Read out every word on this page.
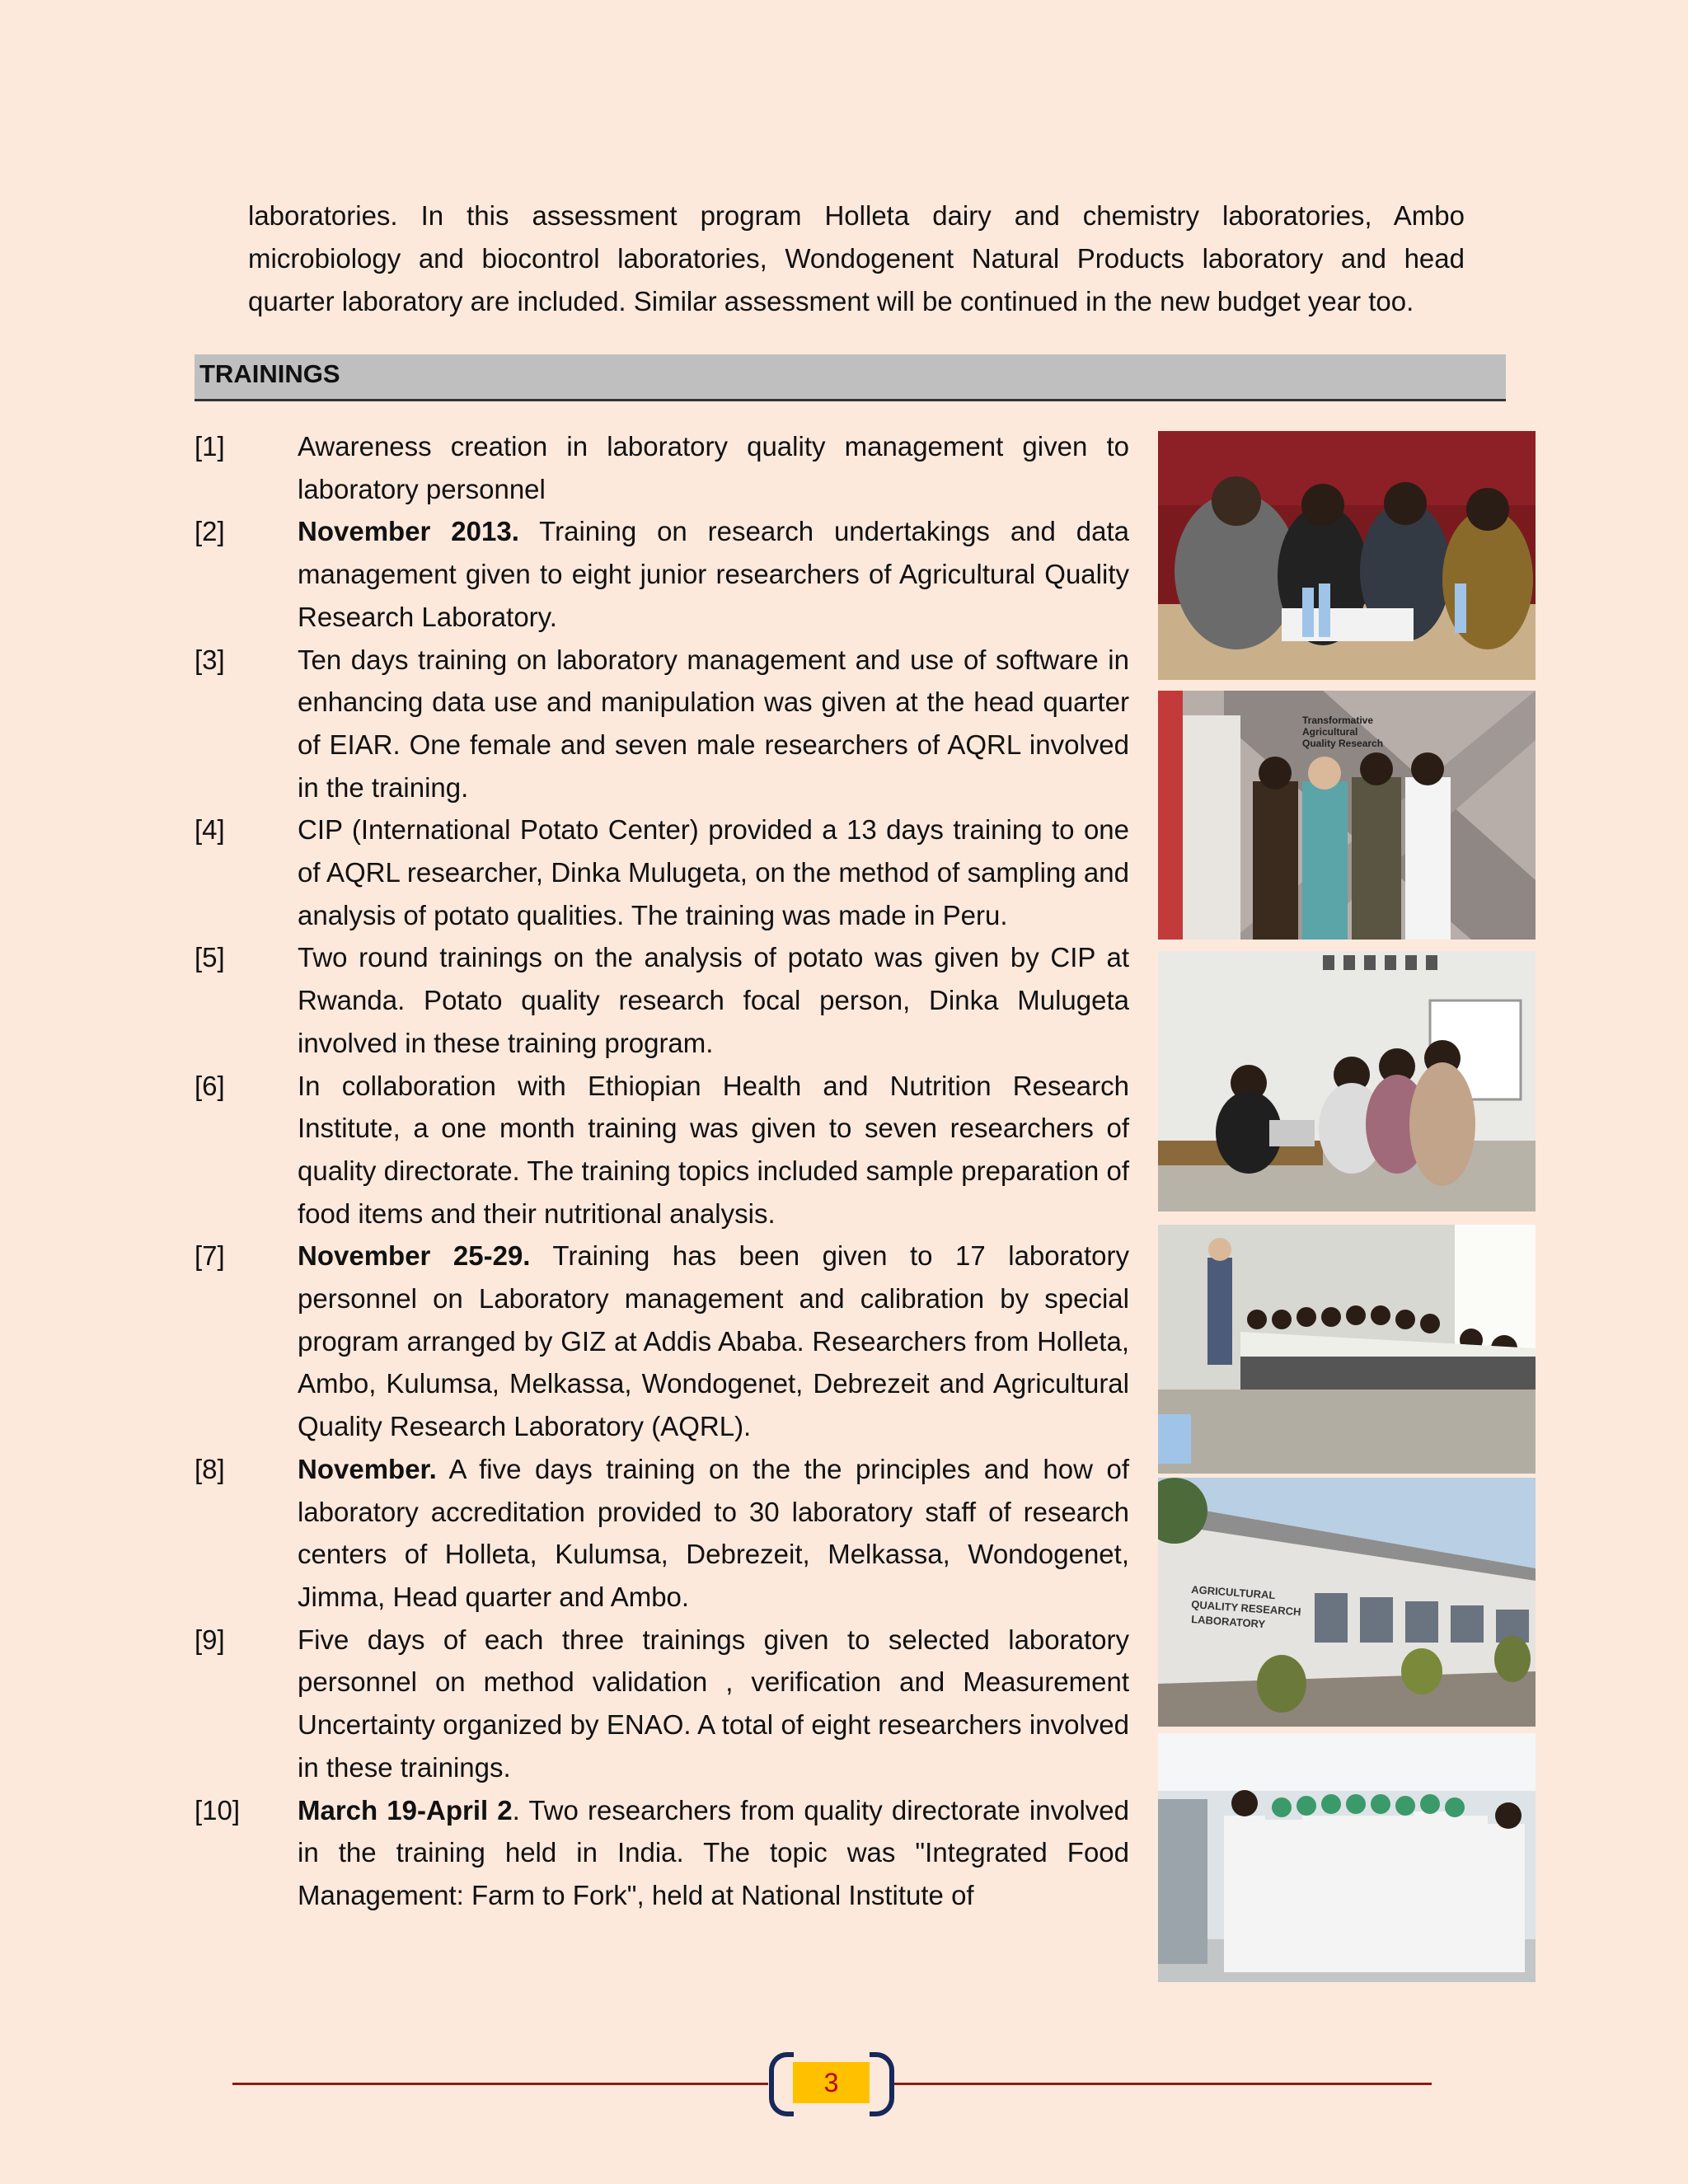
laboratories. In this assessment program Holleta dairy and chemistry laboratories, Ambo microbiology and biocontrol laboratories, Wondogenent Natural Products laboratory and head quarter laboratory are included. Similar assessment will be continued in the new budget year too.

TRAININGS
[1]	Awareness creation in laboratory quality management given to laboratory personnel
[2]	November 2013. Training on research undertakings and data management given to eight junior researchers of Agricultural Quality Research Laboratory.
[3]	Ten days training on laboratory management and use of software in enhancing data use and manipulation was given at the head quarter of EIAR. One female and seven male researchers of AQRL involved in the training.
[4]	CIP (International Potato Center) provided a 13 days training to one of AQRL researcher, Dinka Mulugeta, on the method of sampling and analysis of potato qualities. The training was made in Peru.
[5]	Two round trainings on the analysis of potato was given by CIP at Rwanda. Potato quality research focal person, Dinka Mulugeta involved in these training program.
[6]	In collaboration with Ethiopian Health and Nutrition Research Institute, a one month training was given to seven researchers of quality directorate. The training topics included sample preparation of food items and their nutritional analysis.
[7]	November 25-29. Training has been given to 17 laboratory personnel on Laboratory management and calibration by special program arranged by GIZ at Addis Ababa. Researchers from Holleta, Ambo, Kulumsa, Melkassa, Wondogenet, Debrezeit and Agricultural Quality Research Laboratory (AQRL).
[8]	November. A five days training on the the principles and how of laboratory accreditation provided to 30 laboratory staff of research centers of Holleta, Kulumsa, Debrezeit, Melkassa, Wondogenet, Jimma, Head quarter and Ambo.
[9]	Five days of each three trainings given to selected laboratory personnel on method validation , verification and Measurement Uncertainty organized by ENAO. A total of eight researchers involved in these trainings.
[10]	March 19-April 2. Two researchers from quality directorate involved in the training held in India. The topic was "Integrated Food Management: Farm to Fork", held at National Institute of
Transformative
Agricultural
Quality Research
AGRICULTURAL
QUALITY RESEARCH
LABORATORY
3
